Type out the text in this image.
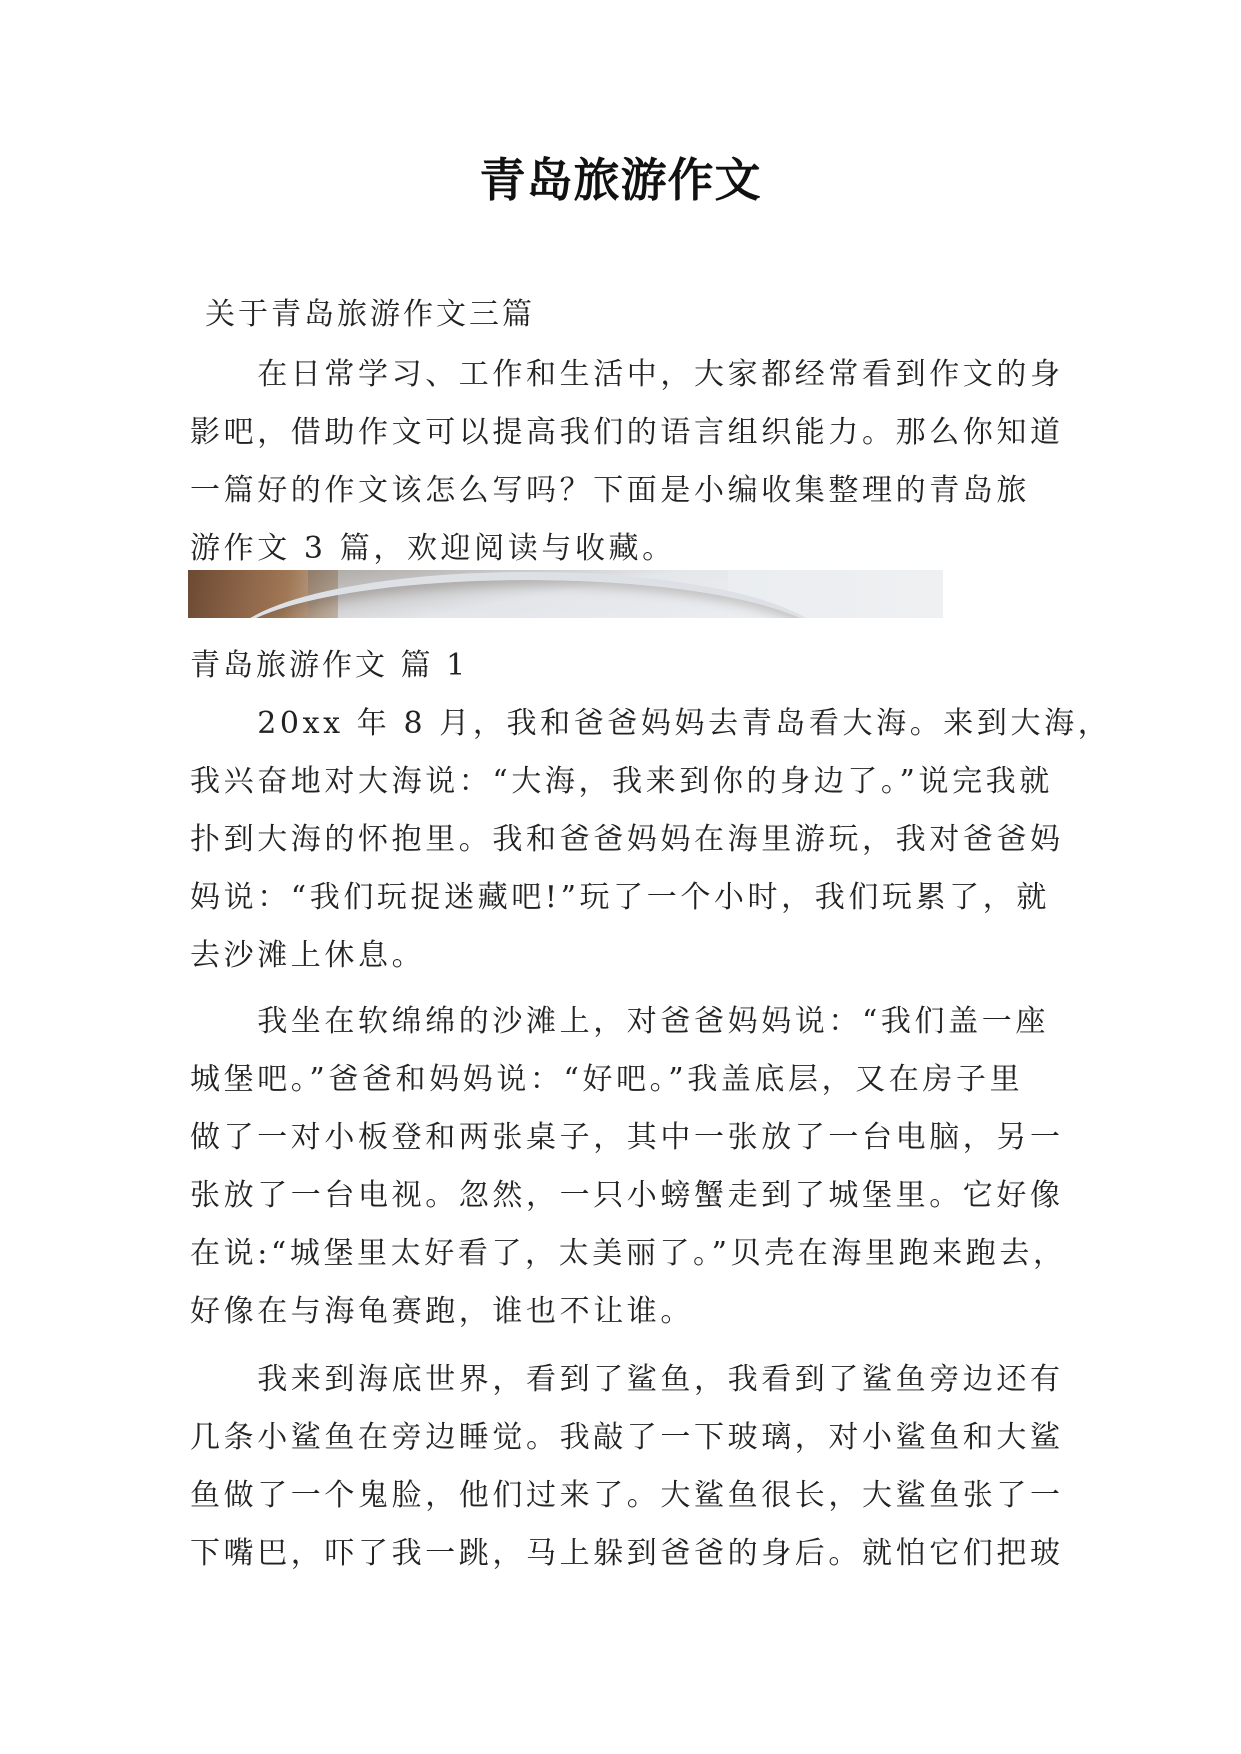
青岛旅游作文
关于青岛旅游作文三篇
　　在日常学习、工作和生活中，大家都经常看到作文的身
影吧，借助作文可以提高我们的语言组织能力。那么你知道
一篇好的作文该怎么写吗？下面是小编收集整理的青岛旅
游作文 3 篇，欢迎阅读与收藏。
青岛旅游作文 篇 1
　　20xx 年 8 月，我和爸爸妈妈去青岛看大海。来到大海，
我兴奋地对大海说：“大海，我来到你的身边了。”说完我就
扑到大海的怀抱里。我和爸爸妈妈在海里游玩，我对爸爸妈
妈说：“我们玩捉迷藏吧!”玩了一个小时，我们玩累了，就
去沙滩上休息。
　　我坐在软绵绵的沙滩上，对爸爸妈妈说：“我们盖一座
城堡吧。”爸爸和妈妈说：“好吧。”我盖底层，又在房子里
做了一对小板登和两张桌子，其中一张放了一台电脑，另一
张放了一台电视。忽然，一只小螃蟹走到了城堡里。它好像
在说:“城堡里太好看了，太美丽了。”贝壳在海里跑来跑去，
好像在与海龟赛跑，谁也不让谁。
　　我来到海底世界，看到了鲨鱼，我看到了鲨鱼旁边还有
几条小鲨鱼在旁边睡觉。我敲了一下玻璃，对小鲨鱼和大鲨
鱼做了一个鬼脸，他们过来了。大鲨鱼很长，大鲨鱼张了一
下嘴巴，吓了我一跳，马上躲到爸爸的身后。就怕它们把玻
